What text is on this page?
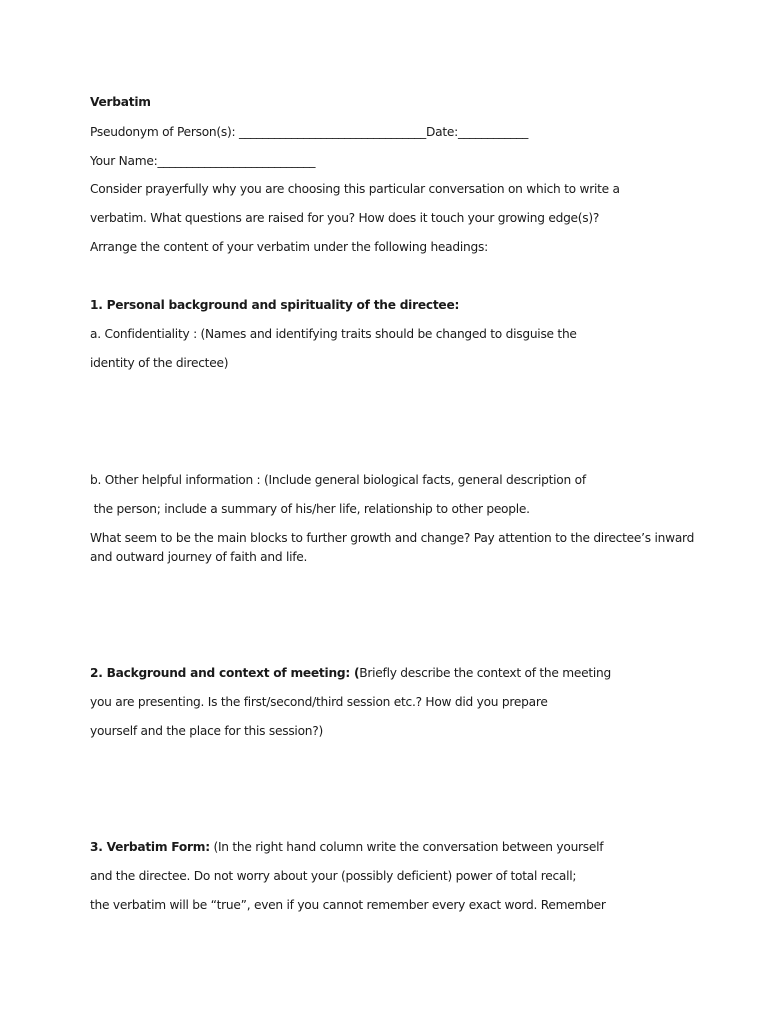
Verbatim
Pseudonym of Person(s): ________________________________Date:____________
Your Name:___________________________
Consider prayerfully why you are choosing this particular conversation on which to write a
verbatim. What questions are raised for you? How does it touch your growing edge(s)?
Arrange the content of your verbatim under the following headings:
1. Personal background and spirituality of the directee:
a. Confidentiality : (Names and identifying traits should be changed to disguise the
identity of the directee)
b. Other helpful information : (Include general biological facts, general description of
the person; include a summary of his/her life, relationship to other people.
What seem to be the main blocks to further growth and change? Pay attention to the directee’s inward
and outward journey of faith and life.
2. Background and context of meeting: (Briefly describe the context of the meeting
you are presenting. Is the first/second/third session etc.? How did you prepare
yourself and the place for this session?)
3. Verbatim Form: (In the right hand column write the conversation between yourself
and the directee. Do not worry about your (possibly deficient) power of total recall;
the verbatim will be “true”, even if you cannot remember every exact word. Remember
